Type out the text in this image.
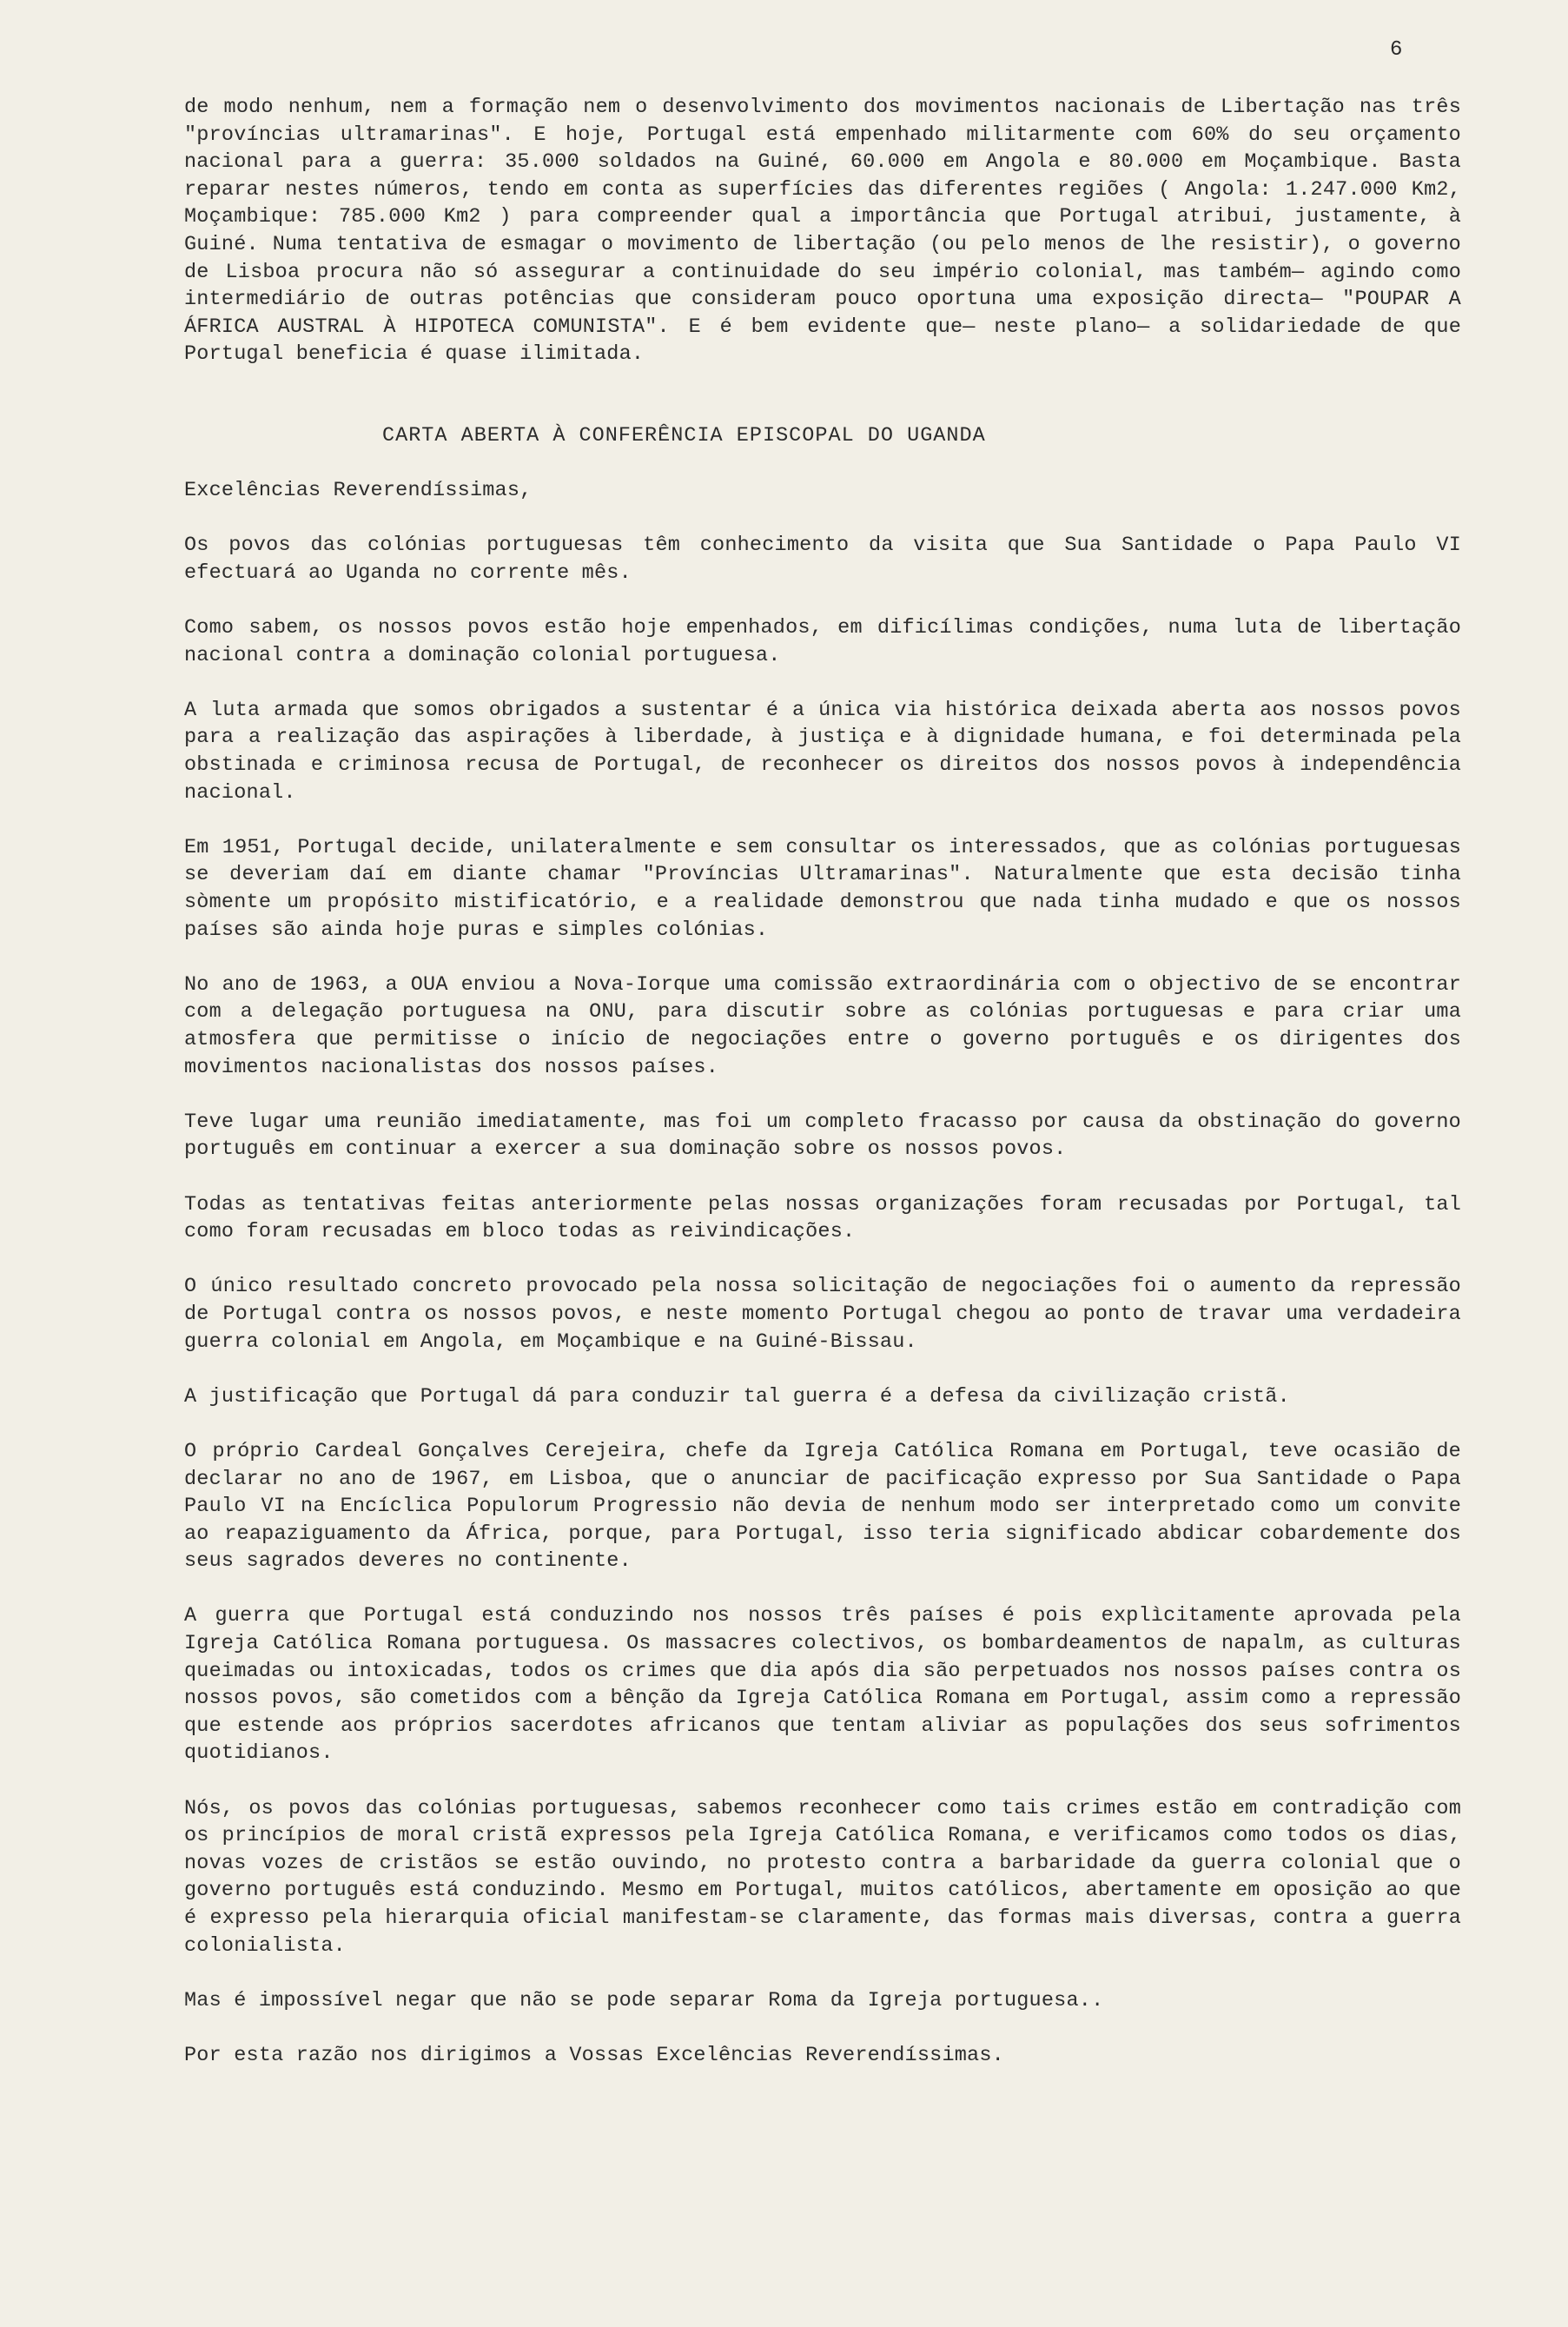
6

de modo nenhum, nem a formação nem o desenvolvimento dos movimentos nacionais de Libertação nas três "províncias ultramarinas". E hoje, Portugal está empenhado militarmente com 60% do seu orçamento nacional para a guerra: 35.000 soldados na Guiné, 60.000 em Angola e 80.000 em Moçambique. Basta reparar nestes números, tendo em conta as superfícies das diferentes regiões ( Angola: 1.247.000 Km2, Moçambique: 785.000 Km2 ) para compreender qual a importância que Portugal atribui, justamente, à Guiné. Numa tentativa de esmagar o movimento de libertação (ou pelo menos de lhe resistir), o governo de Lisboa procura não só assegurar a continuidade do seu império colonial, mas também— agindo como intermediário de outras potências que consideram pouco oportuna uma exposição directa— "POUPAR A ÁFRICA AUSTRAL À HIPOTECA COMUNISTA". E é bem evidente que— neste plano— a solidariedade de que Portugal beneficia é quase ilimitada.

CARTA ABERTA À CONFERÊNCIA EPISCOPAL DO UGANDA

Excelências Reverendíssimas,

Os povos das colónias portuguesas têm conhecimento da visita que Sua Santidade o Papa Paulo VI efectuará ao Uganda no corrente mês.

Como sabem, os nossos povos estão hoje empenhados, em dificílimas condições, numa luta de libertação nacional contra a dominação colonial portuguesa.

A luta armada que somos obrigados a sustentar é a única via histórica deixada aberta aos nossos povos para a realização das aspirações à liberdade, à justiça e à dignidade humana, e foi determinada pela obstinada e criminosa recusa de Portugal, de reconhecer os direitos dos nossos povos à independência nacional.

Em 1951, Portugal decide, unilateralmente e sem consultar os interessados, que as colónias portuguesas se deveriam daí em diante chamar "Províncias Ultramarinas". Naturalmente que esta decisão tinha sòmente um propósito mistificatório, e a realidade demonstrou que nada tinha mudado e que os nossos países são ainda hoje puras e simples colónias.

No ano de 1963, a OUA enviou a Nova-Iorque uma comissão extraordinária com o objectivo de se encontrar com a delegação portuguesa na ONU, para discutir sobre as colónias portuguesas e para criar uma atmosfera que permitisse o início de negociações entre o governo português e os dirigentes dos movimentos nacionalistas dos nossos países.

Teve lugar uma reunião imediatamente, mas foi um completo fracasso por causa da obstinação do governo português em continuar a exercer a sua dominação sobre os nossos povos.

Todas as tentativas feitas anteriormente pelas nossas organizações foram recusadas por Portugal, tal como foram recusadas em bloco todas as reivindicações.

O único resultado concreto provocado pela nossa solicitação de negociações foi o aumento da repressão de Portugal contra os nossos povos, e neste momento Portugal chegou ao ponto de travar uma verdadeira guerra colonial em Angola, em Moçambique e na Guiné-Bissau.

A justificação que Portugal dá para conduzir tal guerra é a defesa da civilização cristã.

O próprio Cardeal Gonçalves Cerejeira, chefe da Igreja Católica Romana em Portugal, teve ocasião de declarar no ano de 1967, em Lisboa, que o anunciar de pacificação expresso por Sua Santidade o Papa Paulo VI na Encíclica Populorum Progressio não devia de nenhum modo ser interpretado como um convite ao reapaziguamento da África, porque, para Portugal, isso teria significado abdicar cobardemente dos seus sagrados deveres no continente.

A guerra que Portugal está conduzindo nos nossos três países é pois explìcitamente aprovada pela Igreja Católica Romana portuguesa. Os massacres colectivos, os bombardeamentos de napalm, as culturas queimadas ou intoxicadas, todos os crimes que dia após dia são perpetuados nos nossos países contra os nossos povos, são cometidos com a bênção da Igreja Católica Romana em Portugal, assim como a repressão que estende aos próprios sacerdotes africanos que tentam aliviar as populações dos seus sofrimentos quotidianos.

Nós, os povos das colónias portuguesas, sabemos reconhecer como tais crimes estão em contradição com os princípios de moral cristã expressos pela Igreja Católica Romana, e verificamos como todos os dias, novas vozes de cristãos se estão ouvindo, no protesto contra a barbaridade da guerra colonial que o governo português está conduzindo. Mesmo em Portugal, muitos católicos, abertamente em oposição ao que é expresso pela hierarquia oficial manifestam-se claramente, das formas mais diversas, contra a guerra colonialista.

Mas é impossível negar que não se pode separar Roma da Igreja portuguesa..

Por esta razão nos dirigimos a Vossas Excelências Reverendíssimas.
